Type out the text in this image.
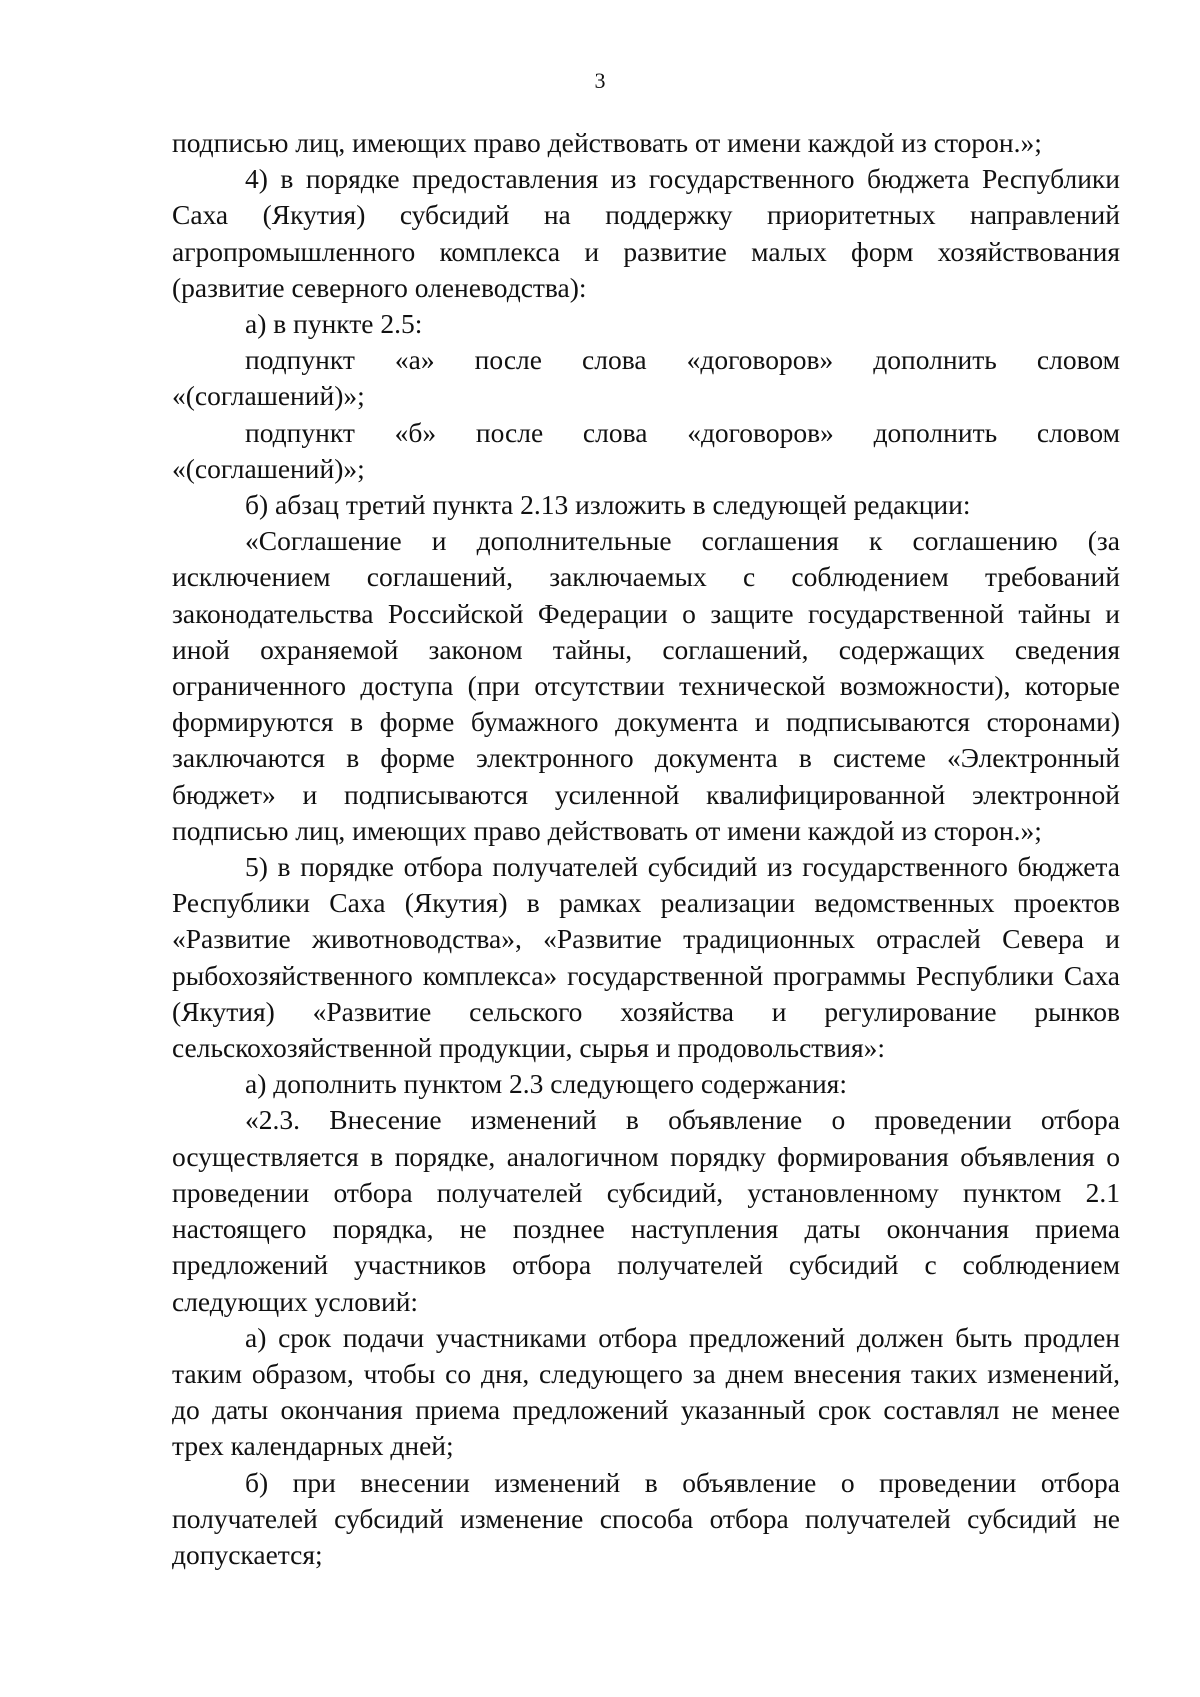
3

подписью лиц, имеющих право действовать от имени каждой из сторон.»;

4) в порядке предоставления из государственного бюджета Республики Саха (Якутия) субсидий на поддержку приоритетных направлений агропромышленного комплекса и развитие малых форм хозяйствования (развитие северного оленеводства):

а) в пункте 2.5:

подпункт «а» после слова «договоров» дополнить словом «(соглашений)»;

подпункт «б» после слова «договоров» дополнить словом «(соглашений)»;

б) абзац третий пункта 2.13 изложить в следующей редакции:

«Соглашение и дополнительные соглашения к соглашению (за исключением соглашений, заключаемых с соблюдением требований законодательства Российской Федерации о защите государственной тайны и иной охраняемой законом тайны, соглашений, содержащих сведения ограниченного доступа (при отсутствии технической возможности), которые формируются в форме бумажного документа и подписываются сторонами) заключаются в форме электронного документа в системе «Электронный бюджет» и подписываются усиленной квалифицированной электронной подписью лиц, имеющих право действовать от имени каждой из сторон.»;

5) в порядке отбора получателей субсидий из государственного бюджета Республики Саха (Якутия) в рамках реализации ведомственных проектов «Развитие животноводства», «Развитие традиционных отраслей Севера и рыбохозяйственного комплекса» государственной программы Республики Саха (Якутия) «Развитие сельского хозяйства и регулирование рынков сельскохозяйственной продукции, сырья и продовольствия»:

а) дополнить пунктом 2.3 следующего содержания:

«2.3. Внесение изменений в объявление о проведении отбора осуществляется в порядке, аналогичном порядку формирования объявления о проведении отбора получателей субсидий, установленному пунктом 2.1 настоящего порядка, не позднее наступления даты окончания приема предложений участников отбора получателей субсидий с соблюдением следующих условий:

а) срок подачи участниками отбора предложений должен быть продлен таким образом, чтобы со дня, следующего за днем внесения таких изменений, до даты окончания приема предложений указанный срок составлял не менее трех календарных дней;

б) при внесении изменений в объявление о проведении отбора получателей субсидий изменение способа отбора получателей субсидий не допускается;
